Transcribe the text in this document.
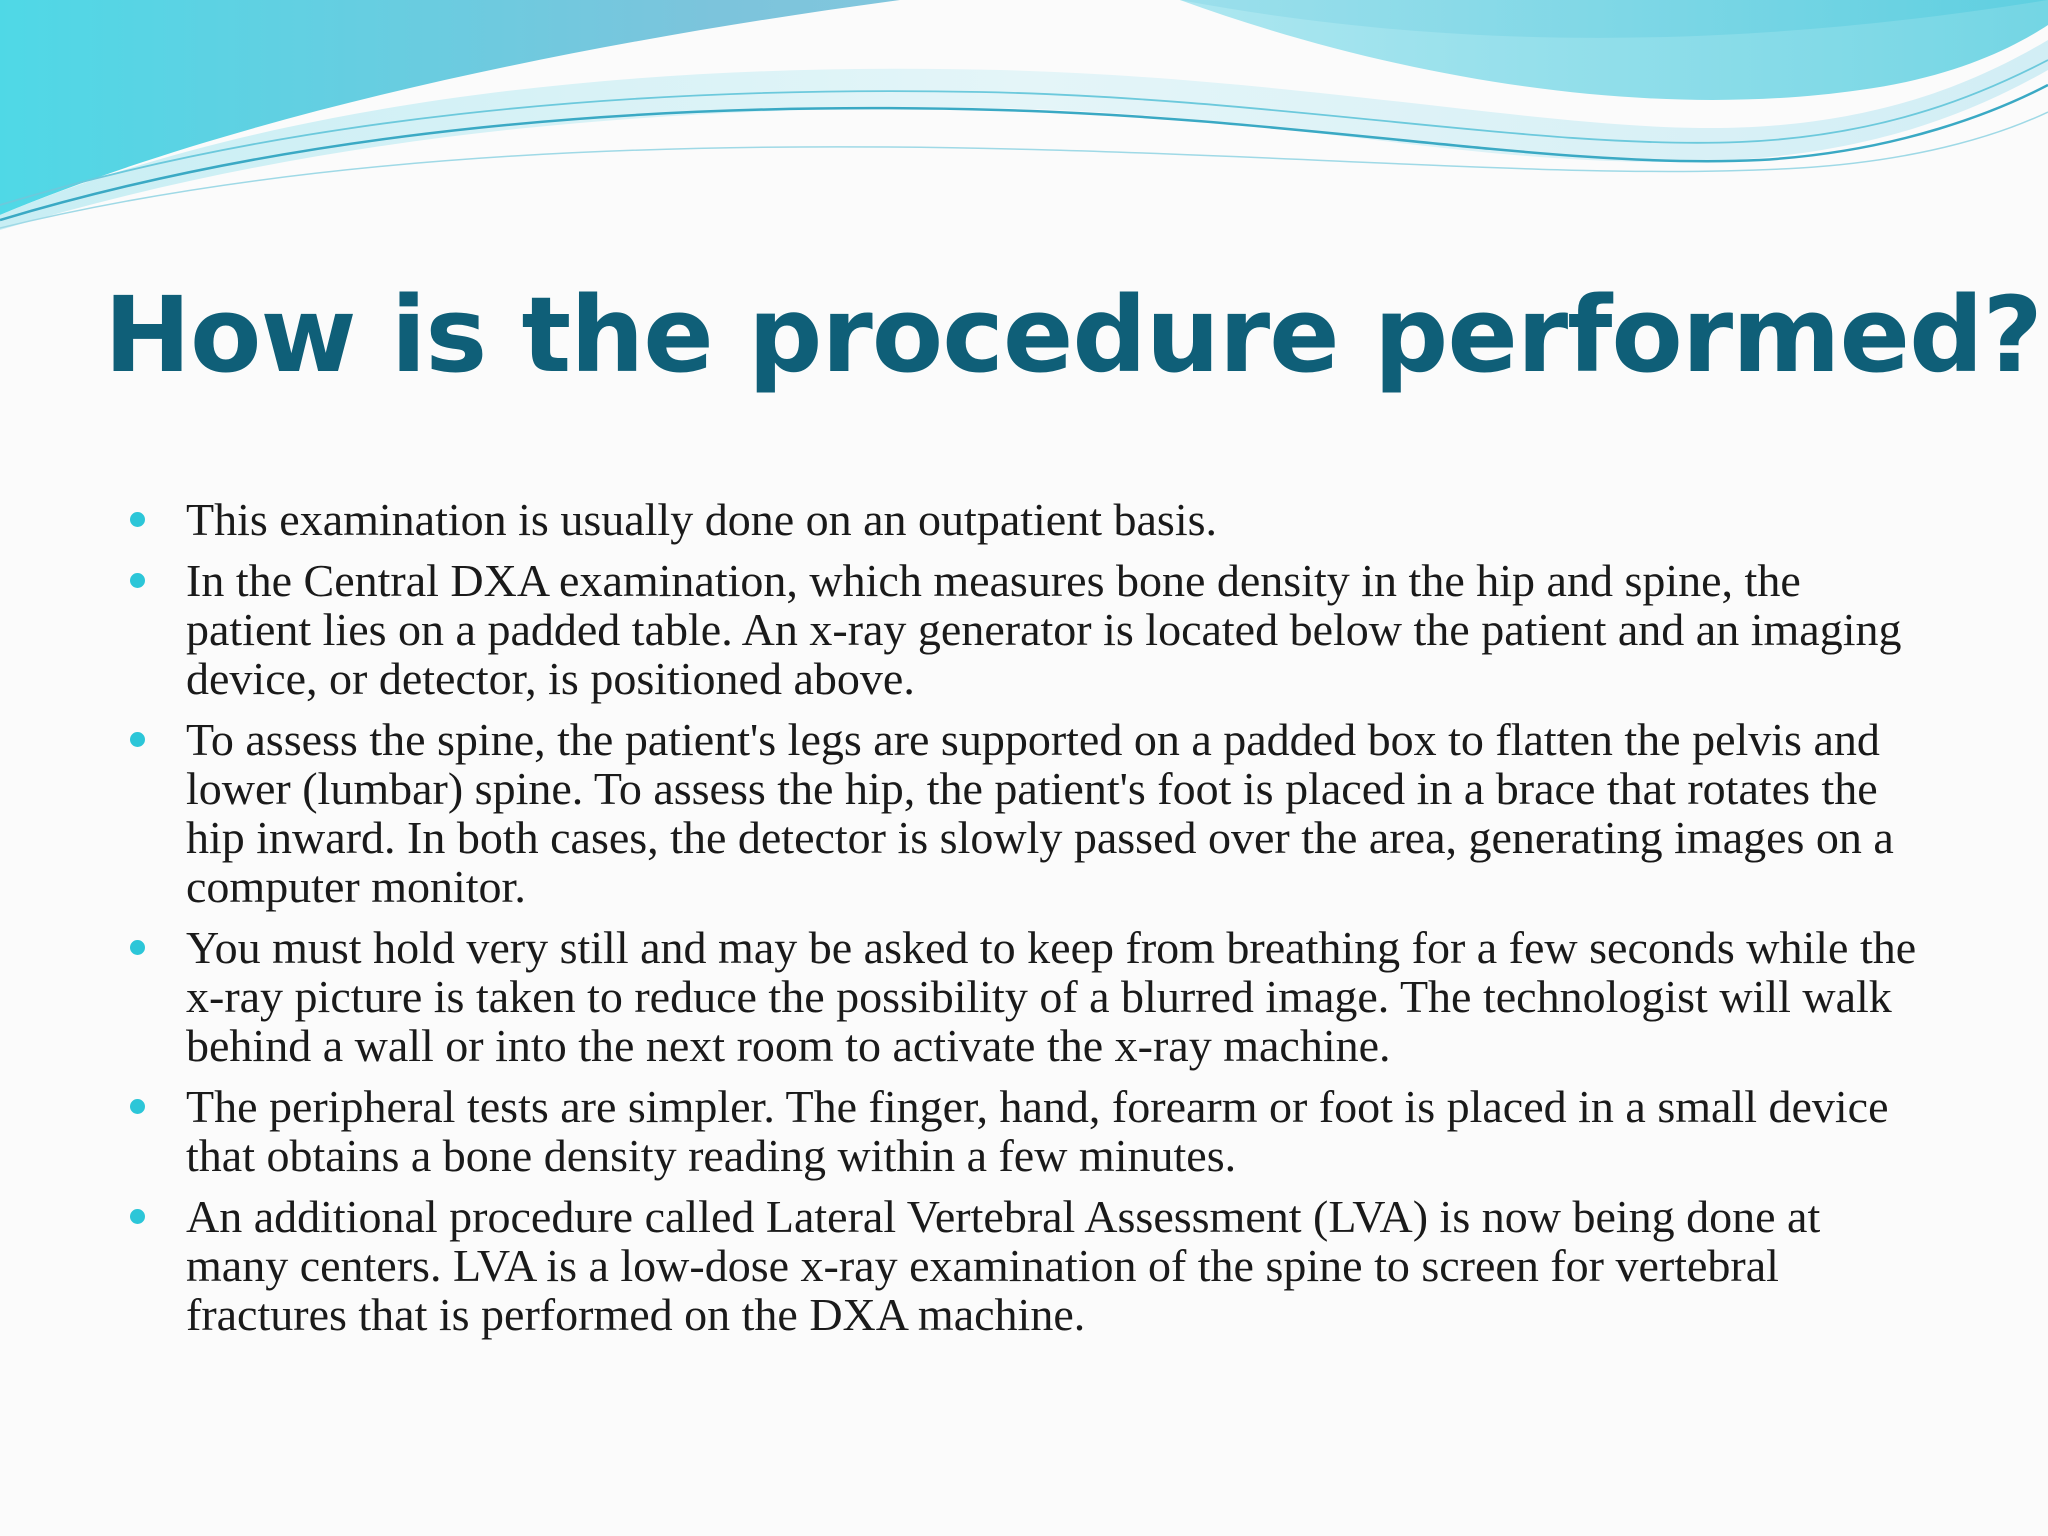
How is the procedure performed?
This examination is usually done on an outpatient basis.
In the Central DXA examination, which measures bone density in the hip and spine, the patient lies on a padded table. An x-ray generator is located below the patient and an imaging device, or detector, is positioned above.
To assess the spine, the patient's legs are supported on a padded box to flatten the pelvis and lower (lumbar) spine. To assess the hip, the patient's foot is placed in a brace that rotates the hip inward. In both cases, the detector is slowly passed over the area, generating images on a computer monitor.
You must hold very still and may be asked to keep from breathing for a few seconds while the x-ray picture is taken to reduce the possibility of a blurred image. The technologist will walk behind a wall or into the next room to activate the x-ray machine.
The peripheral tests are simpler. The finger, hand, forearm or foot is placed in a small device that obtains a bone density reading within a few minutes.
An additional procedure called Lateral Vertebral Assessment (LVA) is now being done at many centers. LVA is a low-dose x-ray examination of the spine to screen for vertebral fractures that is performed on the DXA machine.
